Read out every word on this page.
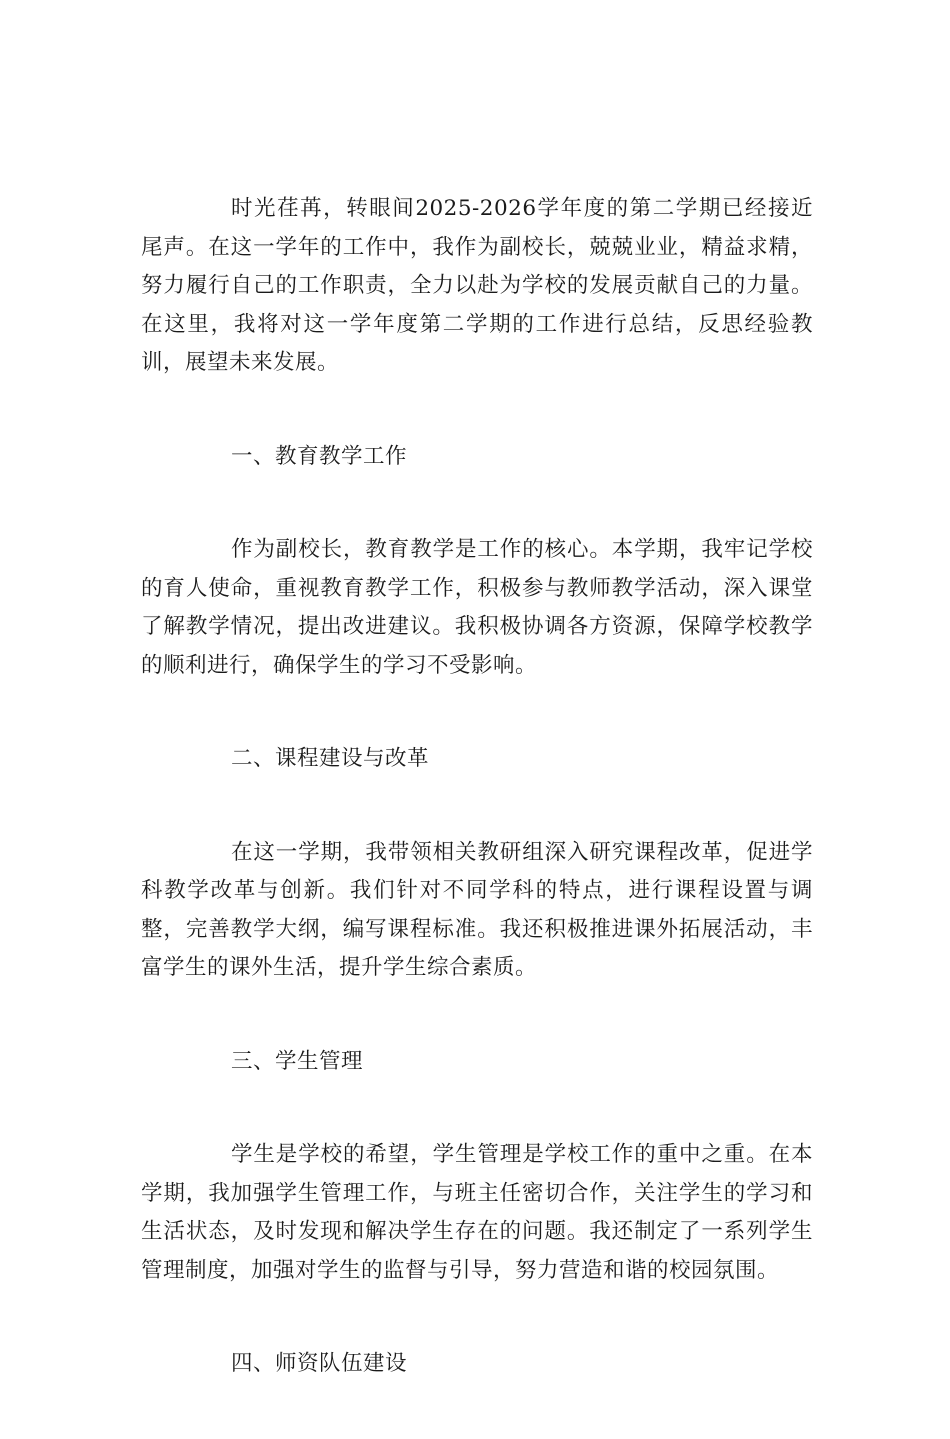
时光荏苒，转眼间2025-2026学年度的第二学期已经接近尾声。在这一学年的工作中，我作为副校长，兢兢业业，精益求精，努力履行自己的工作职责，全力以赴为学校的发展贡献自己的力量。在这里，我将对这一学年度第二学期的工作进行总结，反思经验教训，展望未来发展。

一、教育教学工作

作为副校长，教育教学是工作的核心。本学期，我牢记学校的育人使命，重视教育教学工作，积极参与教师教学活动，深入课堂了解教学情况，提出改进建议。我积极协调各方资源，保障学校教学的顺利进行，确保学生的学习不受影响。

二、课程建设与改革

在这一学期，我带领相关教研组深入研究课程改革，促进学科教学改革与创新。我们针对不同学科的特点，进行课程设置与调整，完善教学大纲，编写课程标准。我还积极推进课外拓展活动，丰富学生的课外生活，提升学生综合素质。

三、学生管理

学生是学校的希望，学生管理是学校工作的重中之重。在本学期，我加强学生管理工作，与班主任密切合作，关注学生的学习和生活状态，及时发现和解决学生存在的问题。我还制定了一系列学生管理制度，加强对学生的监督与引导，努力营造和谐的校园氛围。

四、师资队伍建设
